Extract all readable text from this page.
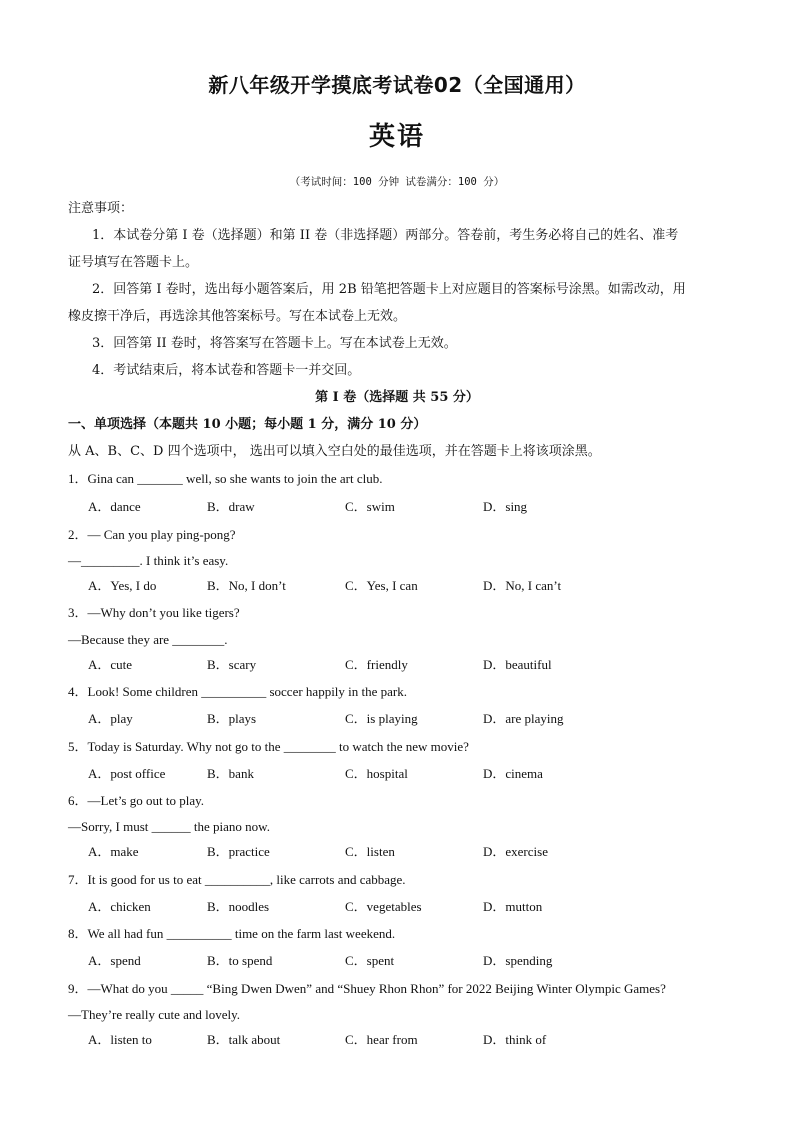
新八年级开学摸底考试卷02（全国通用）
英语
（考试时间：100 分钟 试卷满分：100 分）
注意事项：
1．本试卷分第 I 卷（选择题）和第 II 卷（非选择题）两部分。答卷前，考生务必将自己的姓名、准考
证号填写在答题卡上。
2．回答第 I 卷时，选出每小题答案后，用 2B 铅笔把答题卡上对应题目的答案标号涂黑。如需改动，用
橡皮擦干净后，再选涂其他答案标号。写在本试卷上无效。
3．回答第 II 卷时，将答案写在答题卡上。写在本试卷上无效。
4．考试结束后，将本试卷和答题卡一并交回。
第 I 卷（选择题 共 55 分）
一、单项选择（本题共 10 小题；每小题 1 分，满分 10 分）
从 A、B、C、D 四个选项中， 选出可以填入空白处的最佳选项，并在答题卡上将该项涂黑。
1．Gina can _______ well, so she wants to join the art club.
A．dance	B．draw	C．swim	D．sing
2．— Can you play ping-pong?
—_________. I think it’s easy.
A．Yes, I do	B．No, I don’t	C．Yes, I can	D．No, I can’t
3．—Why don’t you like tigers?
—Because they are ________.
A．cute	B．scary	C．friendly	D．beautiful
4．Look! Some children __________ soccer happily in the park.
A．play	B．plays	C．is playing	D．are playing
5．Today is Saturday. Why not go to the ________ to watch the new movie?
A．post office	B．bank	C．hospital	D．cinema
6．—Let’s go out to play.
—Sorry, I must ______ the piano now.
A．make	B．practice	C．listen	D．exercise
7．It is good for us to eat __________, like carrots and cabbage.
A．chicken	B．noodles	C．vegetables	D．mutton
8．We all had fun __________ time on the farm last weekend.
A．spend	B．to spend	C．spent	D．spending
9．—What do you _____ “Bing Dwen Dwen” and “Shuey Rhon Rhon” for 2022 Beijing Winter Olympic Games?
—They’re really cute and lovely.
A．listen to	B．talk about	C．hear from	D．think of
